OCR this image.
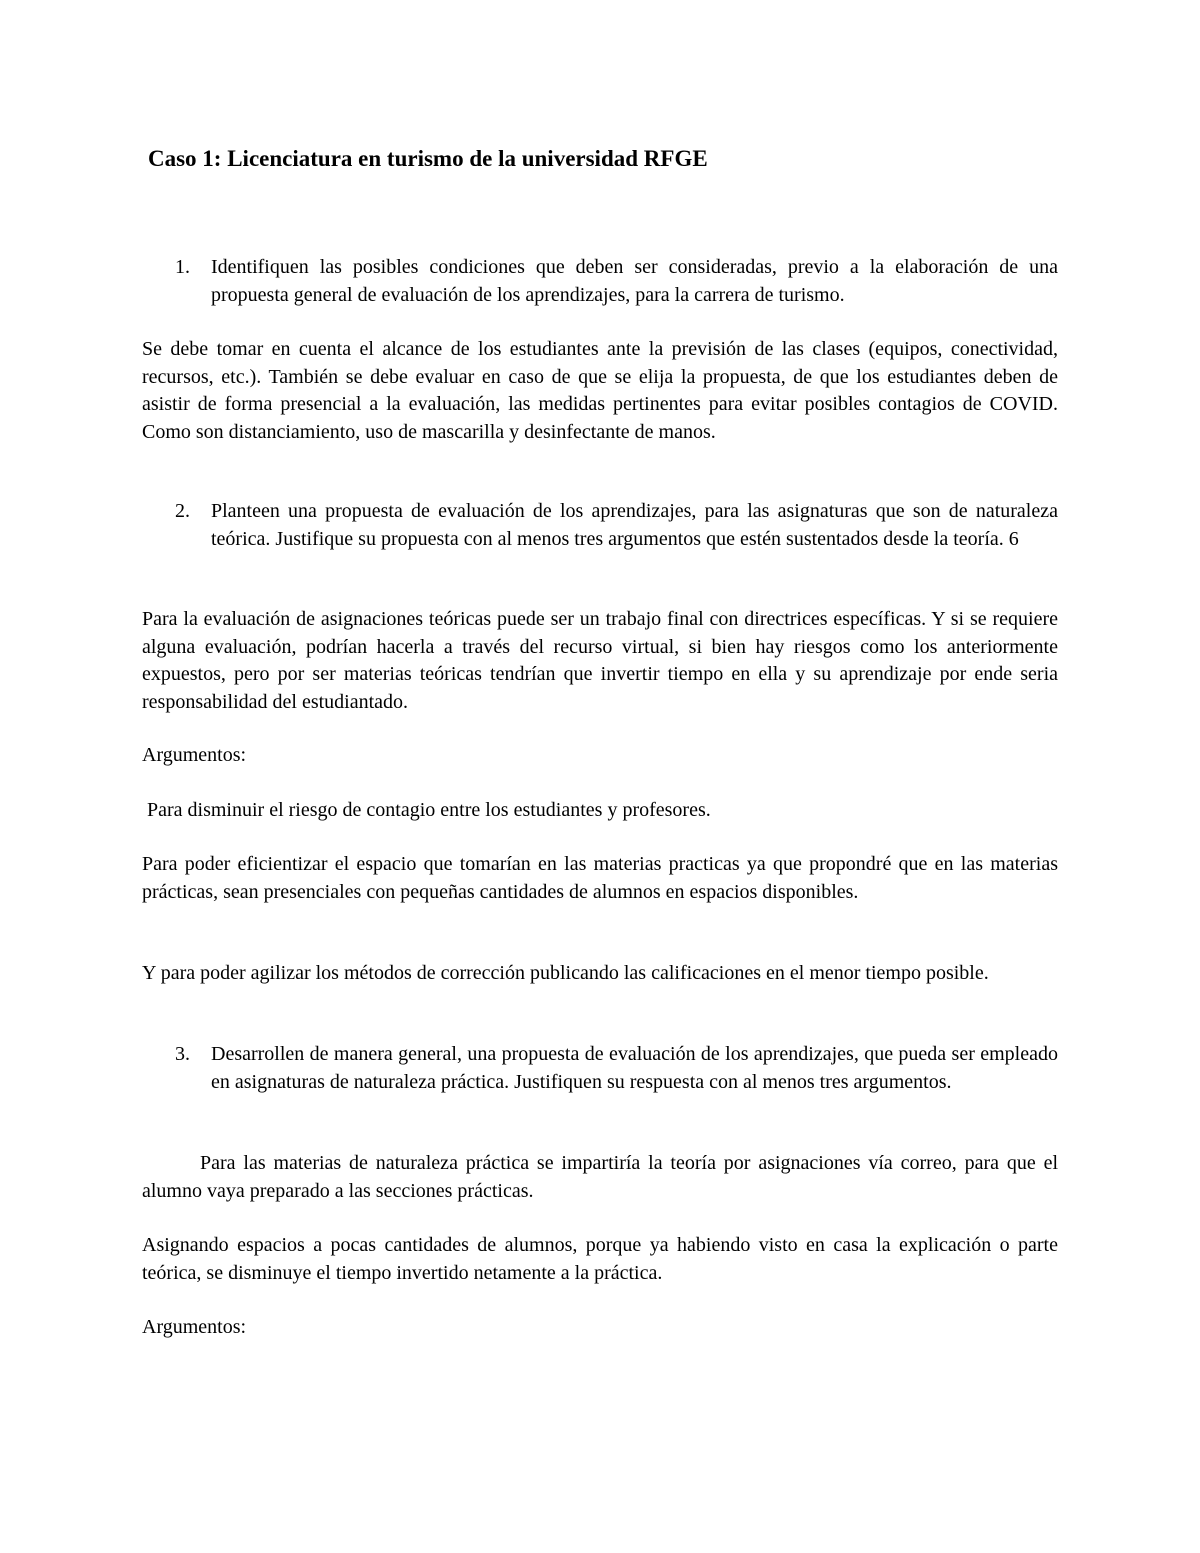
Caso 1: Licenciatura en turismo de la universidad RFGE
1.	Identifiquen las posibles condiciones que deben ser consideradas, previo a la elaboración de una propuesta general de evaluación de los aprendizajes, para la carrera de turismo.
Se debe tomar en cuenta el alcance de los estudiantes ante la previsión de las clases (equipos, conectividad, recursos, etc.). También se debe evaluar en caso de que se elija la propuesta, de que los estudiantes deben de asistir de forma presencial a la evaluación, las medidas pertinentes para evitar posibles contagios de COVID. Como son distanciamiento, uso de mascarilla y desinfectante de manos.
2.	Planteen una propuesta de evaluación de los aprendizajes, para las asignaturas que son de naturaleza teórica. Justifique su propuesta con al menos tres argumentos que estén sustentados desde la teoría. 6
Para la evaluación de asignaciones teóricas puede ser un trabajo final con directrices específicas. Y si se requiere alguna evaluación, podrían hacerla a través del recurso virtual, si bien hay riesgos como los anteriormente expuestos, pero por ser materias teóricas tendrían que invertir tiempo en ella y su aprendizaje por ende seria responsabilidad del estudiantado.
Argumentos:
Para disminuir el riesgo de contagio entre los estudiantes y profesores.
Para poder eficientizar el espacio que tomarían en las materias practicas ya que propondré que en las materias prácticas, sean presenciales con pequeñas cantidades de alumnos en espacios disponibles.
Y para poder agilizar los métodos de corrección publicando las calificaciones en el menor tiempo posible.
3.	Desarrollen de manera general, una propuesta de evaluación de los aprendizajes, que pueda ser empleado en asignaturas de naturaleza práctica. Justifiquen su respuesta con al menos tres argumentos.
Para las materias de naturaleza práctica se impartiría la teoría por asignaciones vía correo, para que el alumno vaya preparado a las secciones prácticas.
Asignando espacios a pocas cantidades de alumnos, porque ya habiendo visto en casa la explicación o parte teórica, se disminuye el tiempo invertido netamente a la práctica.
Argumentos:
